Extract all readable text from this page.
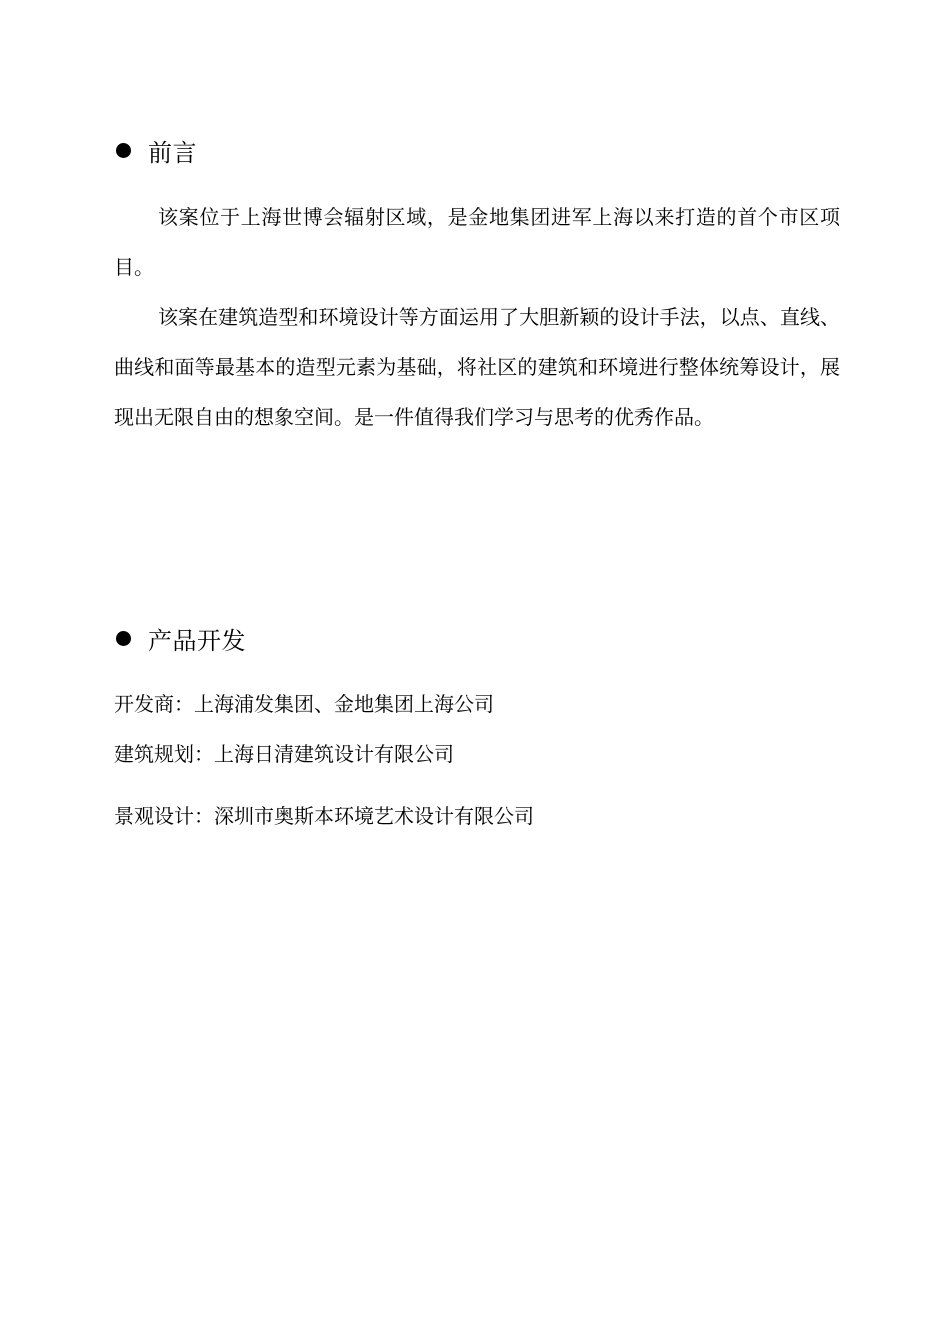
前言

该案位于上海世博会辐射区域，是金地集团进军上海以来打造的首个市区项目。

该案在建筑造型和环境设计等方面运用了大胆新颖的设计手法，以点、直线、曲线和面等最基本的造型元素为基础，将社区的建筑和环境进行整体统筹设计，展现出无限自由的想象空间。是一件值得我们学习与思考的优秀作品。

产品开发
开发商：上海浦发集团、金地集团上海公司
建筑规划：上海日清建筑设计有限公司
景观设计：深圳市奥斯本环境艺术设计有限公司
